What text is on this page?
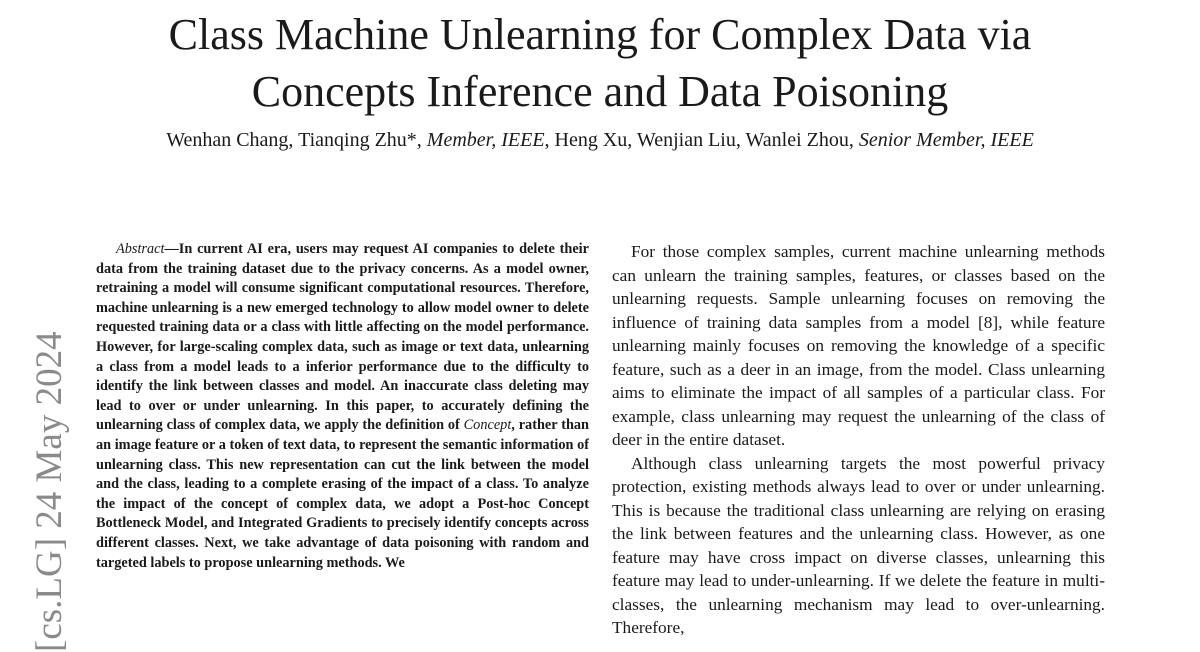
Class Machine Unlearning for Complex Data via
Concepts Inference and Data Poisoning

Wenhan Chang, Tianqing Zhu*, Member, IEEE, Heng Xu, Wenjian Liu, Wanlei Zhou, Senior Member, IEEE

[cs.LG] 24 May 2024

Abstract—In current AI era, users may request AI companies to delete their data from the training dataset due to the privacy concerns. As a model owner, retraining a model will consume significant computational resources. Therefore, machine unlearning is a new emerged technology to allow model owner to delete requested training data or a class with little affecting on the model performance. However, for large-scaling complex data, such as image or text data, unlearning a class from a model leads to a inferior performance due to the difficulty to identify the link between classes and model. An inaccurate class deleting may lead to over or under unlearning. In this paper, to accurately defining the unlearning class of complex data, we apply the definition of Concept, rather than an image feature or a token of text data, to represent the semantic information of unlearning class. This new representation can cut the link between the model and the class, leading to a complete erasing of the impact of a class. To analyze the impact of the concept of complex data, we adopt a Post-hoc Concept Bottleneck Model, and Integrated Gradients to precisely identify concepts across different classes. Next, we take advantage of data poisoning with random and targeted labels to propose unlearning methods. We

For those complex samples, current machine unlearning methods can unlearn the training samples, features, or classes based on the unlearning requests. Sample unlearning focuses on removing the influence of training data samples from a model [8], while feature unlearning mainly focuses on removing the knowledge of a specific feature, such as a deer in an image, from the model. Class unlearning aims to eliminate the impact of all samples of a particular class. For example, class unlearning may request the unlearning of the class of deer in the entire dataset.

Although class unlearning targets the most powerful privacy protection, existing methods always lead to over or under unlearning. This is because the traditional class unlearning are relying on erasing the link between features and the unlearning class. However, as one feature may have cross impact on diverse classes, unlearning this feature may lead to under-unlearning. If we delete the feature in multi-classes, the unlearning mechanism may lead to over-unlearning. Therefore,
